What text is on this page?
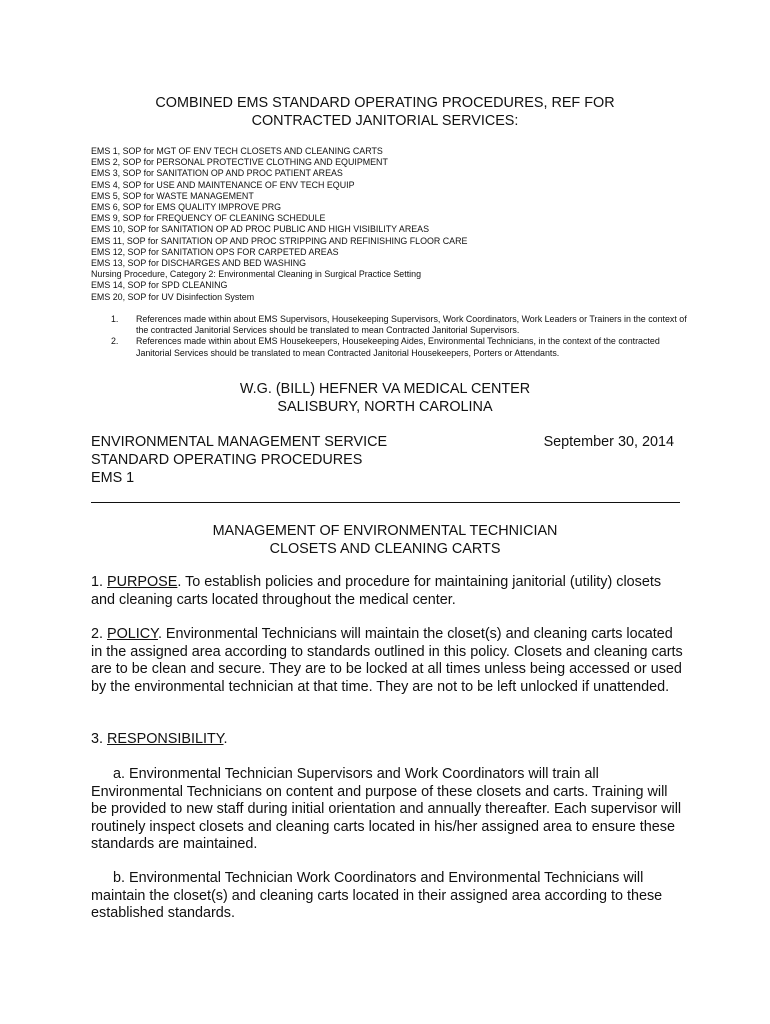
COMBINED EMS STANDARD OPERATING PROCEDURES, REF FOR
CONTRACTED JANITORIAL SERVICES:
EMS 1, SOP for MGT OF ENV TECH CLOSETS AND CLEANING CARTS
EMS 2, SOP for PERSONAL PROTECTIVE CLOTHING AND EQUIPMENT
EMS 3, SOP for SANITATION OP AND PROC PATIENT AREAS
EMS 4, SOP for USE AND MAINTENANCE OF ENV TECH EQUIP
EMS 5, SOP for WASTE MANAGEMENT
EMS 6, SOP for EMS QUALITY IMPROVE PRG
EMS 9, SOP for FREQUENCY OF CLEANING SCHEDULE
EMS 10, SOP for SANITATION OP AD PROC PUBLIC AND HIGH VISIBILITY AREAS
EMS 11, SOP for SANITATION OP AND PROC STRIPPING AND REFINISHING FLOOR CARE
EMS 12, SOP for SANITATION OPS FOR CARPETED AREAS
EMS 13, SOP for DISCHARGES AND BED WASHING
Nursing Procedure, Category 2: Environmental Cleaning in Surgical Practice Setting
EMS 14, SOP for SPD CLEANING
EMS 20, SOP for UV Disinfection System
1.	References made within about EMS Supervisors, Housekeeping Supervisors, Work Coordinators, Work Leaders or Trainers in the context of the contracted Janitorial Services should be translated to mean Contracted Janitorial Supervisors.
2.	References made within about EMS Housekeepers, Housekeeping Aides, Environmental Technicians, in the context of the contracted Janitorial Services should be translated to mean Contracted Janitorial Housekeepers, Porters or Attendants.
W.G. (BILL) HEFNER VA MEDICAL CENTER
SALISBURY, NORTH CAROLINA
ENVIRONMENTAL MANAGEMENT SERVICE
STANDARD OPERATING PROCEDURES
EMS 1
September 30, 2014
MANAGEMENT OF ENVIRONMENTAL TECHNICIAN
CLOSETS AND CLEANING CARTS
1. PURPOSE. To establish policies and procedure for maintaining janitorial (utility) closets and cleaning carts located throughout the medical center.
2. POLICY. Environmental Technicians will maintain the closet(s) and cleaning carts located in the assigned area according to standards outlined in this policy. Closets and cleaning carts are to be clean and secure. They are to be locked at all times unless being accessed or used by the environmental technician at that time. They are not to be left unlocked if unattended.
3. RESPONSIBILITY.
a. Environmental Technician Supervisors and Work Coordinators will train all Environmental Technicians on content and purpose of these closets and carts. Training will be provided to new staff during initial orientation and annually thereafter. Each supervisor will routinely inspect closets and cleaning carts located in his/her assigned area to ensure these standards are maintained.
b. Environmental Technician Work Coordinators and Environmental Technicians will maintain the closet(s) and cleaning carts located in their assigned area according to these established standards.
